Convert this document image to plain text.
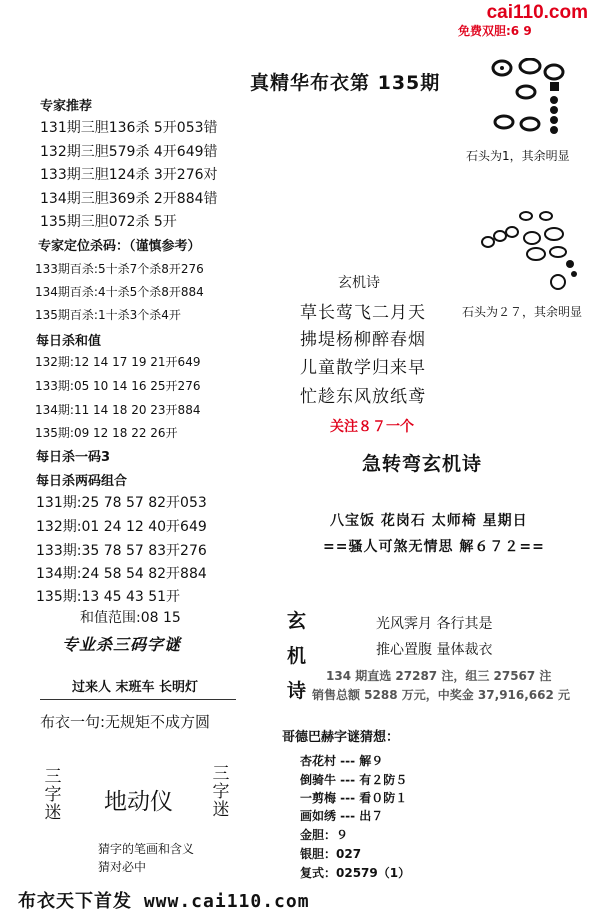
cai110.com
免费双胆:6 9
真精华布衣第 135期
专家推荐
131期三胆136杀 5开053错
132期三胆579杀 4开649错
133期三胆124杀 3开276对
134期三胆369杀 2开884错
135期三胆072杀 5开
专家定位杀码：（谨慎参考）
133期百杀:5十杀7个杀8开276
134期百杀:4十杀5个杀8开884
135期百杀:1十杀3个杀4开
每日杀和值
132期:12 14 17 19 21开649
133期:05 10 14 16 25开276
134期:11 14 18 20 23开884
135期:09 12 18 22 26开
每日杀一码3
每日杀两码组合
131期:25 78 57 82开053
132期:01 24 12 40开649
133期:35 78 57 83开276
134期:24 58 54 82开884
135期:13 45 43 51开
和值范围:08 15
专业杀三码字谜
过来人 末班车 长明灯
布衣一句:无规矩不成方圆
三字迷 地动仪
三字迷
猜字的笔画和含义
猜对必中
石头为1，其余明显
石头为２７，其余明显
玄机诗
草长莺飞二月天
拂堤杨柳醉春烟
儿童散学归来早
忙趁东风放纸鸢
关注８７一个
急转弯玄机诗
八宝饭 花岗石 太师椅 星期日
==骚人可煞无情思 解６７２==
玄
机
诗
光风霁月 各行其是
推心置腹 量体裁衣
134 期直选 27287 注，组三 27567 注
销售总额 5288 万元，中奖金 37,916,662 元
哥德巴赫字谜猜想：
杏花村 --- 解９
倒骑牛 --- 有２防５
一剪梅 --- 看０防１
画如绣 --- 出７
金胆：９
银胆：027
复式：02579（1）
布衣天下首发 www.cai110.com
